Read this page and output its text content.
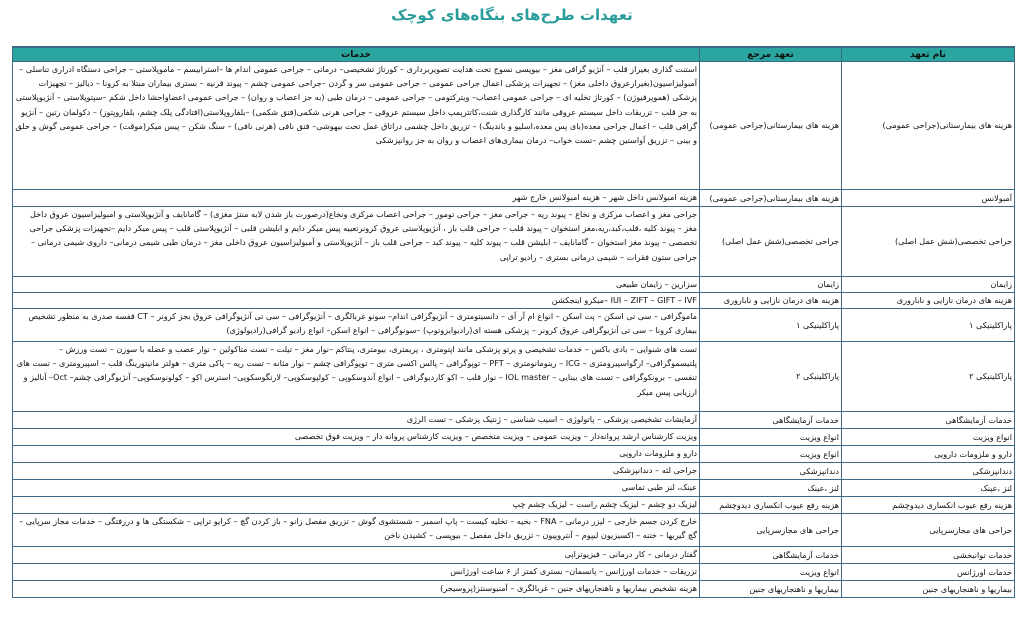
تعهدات طرح‌های بنگاه‌های کوچک
نام تعهد	تعهد مرجع	خدمات
هزینه های بیمارستانی(جراحی عمومی)	هزینه های بیمارستانی(جراحی عمومی)	استنت گذاری بغیراز قلب – آنژیو گرافی مغز – بیوپسی نسوج تحت هدایت تصویربرداری – کورتاژ تشخیصی– درمانی – جراحی عمومی اندام ها –استرابیسم – ماموپلاستی – جراحی دستگاه ادراری تناسلی – آمبولیزاسیون(بغیرازعروق داخلی مغز) – تجهیزات پزشکی اعمال جراحی عمومی – جراحی عمومی سر و گردن –جراحی عمومی چشم – پیوند قرنیه – بستری بیماران مبتلا به کرونا – دیالیز – تجهیزات پزشکی (هموپرفیوژن) – کورتاژ تخلیه ای – جراحی عمومی اعصاب– ویترکتومی – جراحی عمومی – درمان طبی (به جز اعصاب و روان) – جراحی عمومی اعضاواحشا داخل شکم –سپتوپلاستی – آنژیوپلاستی به جز قلب – تزریقات داخل سیستم عروقی مانند کارگذاری شنت،کاتترپمپ داخل سیستم عروقی – جراحی هرنی شکمی(فتق شکمی) –بلفاروپلاستی(افتادگی پلک چشم، بلفاروپتوز) – دکولمان رتین – آنژیو گرافی قلب – اعمال جراحی معده(بای پس معده،اسلیو و باندینگ) – تزریق داخل چشمی دراتاق عمل تحت بیهوشی– فتق نافی (هرنی نافی) – سنگ شکن – پیس میکر(موقت) – جراحی عمومی گوش و حلق و بینی – تزریق آواستین چشم –تست خواب– درمان بیماری‌های اعصاب و روان به جز روانپزشکی
آمبولانس	هزینه های بیمارستانی(جراحی عمومی)	هزینه امبولانس داخل شهر – هزینه امبولانس خارج شهر
جراحی تخصصی(شش عمل اصلی)	جراحی تخصصی(شش عمل اصلی)	جراحی مغز و اعصاب مرکزی و نخاع – پیوند ریه – جراحی مغز – جراحی تومور – جراحی اعصاب مرکزی ونخاع(درصورت باز شدن لایه مننژ مغزی) – گامانایف و آنژیوپلاستی و امبولیزاسیون عروق داخل مغز – پیوند کلیه ،قلب،کبد،ریه،مغز استخوان – پیوند قلب – جراحی قلب باز ، آنژیوپلاستی عروق کرونرتعبیه پیس میکر دایم و ابلیشن قلبی – آنژیوپلاستی قلب – پیس میکر دایم –تجهیزات پزشکی جراحی تخصصی – پیوند مغز استخوان – گامانایف – ابلیشن قلب – پیوند کلیه – پیوند کبد – جراحی قلب باز – آنژیوپلاستی و آمبولیزاسیون عروق داخلی مغز – درمان طبی شیمی درمانی– داروی شیمی درمانی –جراحی ستون فقرات – شیمی درمانی بستری – رادیو تراپی
زایمان	زایمان	سزارین – زایمان طبیعی
هزینه های درمان نازایی و ناباروری	هزینه های درمان نازایی و ناباروری	IUI – ZIFT – GIFT – IVF –میکرو اینجکشن
پاراکلینیکی ۱	پاراکلینیکی ۱	ماموگرافی – سی تی اسکن – پت اسکن – انواع ام آر آی – دانسیتومتری – آنژیوگرافی اندام– سونو غربالگری – آنژیوگرافی – سی تی آنژیوگرافی عروق بجز کرونر – CT قفسه صدری به منظور تشخیص بیماری کرونا – سی تی آنژیوگرافی عروق کرونر – پزشکی هسته ای(رادیوایزوتوپ) –سونوگرافی – انواع اسکن– انواع رادیو گرافی(رادیولوژی)
پاراکلینیکی ۲	پاراکلینیکی ۲	تست های شنوایی – بادی باکس – خدمات تشخیصی و پرتو پزشکی مانند اپتومتری ، پریمتری، بیومتری، پنتاکم –نوار مغز – تیلت – تست متاکولین – نوار عصب و عضله با سوزن – تست ورزش – پلتیسموگرافی– ارگواسپیرومتری – ICG – رینومانومتری – PFT – توپوگرافی – پالس اکسی متری – توپوگرافی چشم – نوار مثانه – تست ریه – پاکی متری – هولتر مانیتورینگ قلب – اسپیرومتری – تست های تنفسی – برونکوگرافی – تست های بینایی – IOL master – نوار قلب – اکو کاردیوگرافی – انواع آندوسکوپی – کولپوسکوپی– لارنگوسکوپی– استرس اکو – کولونوسکوپی– آنژیوگرافی چشم– Oct– آنالیز و ارزیابی پیس میکر
خدمات آزمایشگاهی	خدمات آزمایشگاهی	آزمایشات تشخیصی پزشکی – پاتولوژی – اسیب شناسی – ژنتیک پزشکی – تست الرژی
انواع ویزیت	انواع ویزیت	ویزیت کارشناس ارشد پروانه‌دار – ویزیت عمومی – ویزیت متخصص – ویزیت کارشناس پروانه دار – ویزیت فوق تخصصی
دارو و ملزومات دارویی	انواع ویزیت	دارو و ملزومات دارویی
دندانپزشکی	دندانپزشکی	جراحی لثه – دندانپزشکی
لنز ،عینک	لنز ،عینک	عینک، لنز طبی تماسی
هزینه رفع عیوب انکساری دیدوچشم	هزینه رفع عیوب انکساری دیدوچشم	لیزیک دو چشم – لیزیک چشم راست – لیزیک چشم چپ
جراحی های مجازسرپایی	جراحی های مجازسرپایی	خارج کردن جسم خارجی – لیزر درمانی – FNA – بخیه – تخلیه کیست – پاپ اسمیر – شستشوی گوش – تزریق مفصل زانو – باز کردن گچ – کرایو تراپی – شکستگی ها و دررفتگی – خدمات مجاز سرپایی – گچ گیریها – ختنه – اکسیزیون لیپوم – آنتروپیون – تزریق داخل مفصل – بیوپسی – کشیدن ناخن
خدمات توانبخشی	خدمات آزمایشگاهی	گفتار درمانی – کار درمانی – فیزیوتراپی
خدمات اورژانس	انواع ویزیت	تزریقات – خدمات اورژانس – پانسمان– بستری کمتر از ۶ ساعت اورژانس
بیماریها و ناهنجاریهای جنین	بیماریها و ناهنجاریهای جنین	هزینه تشخیص بیماریها و ناهنجاریهای جنین – غربالگری – آمنیوسنتز(پروسیجر)
